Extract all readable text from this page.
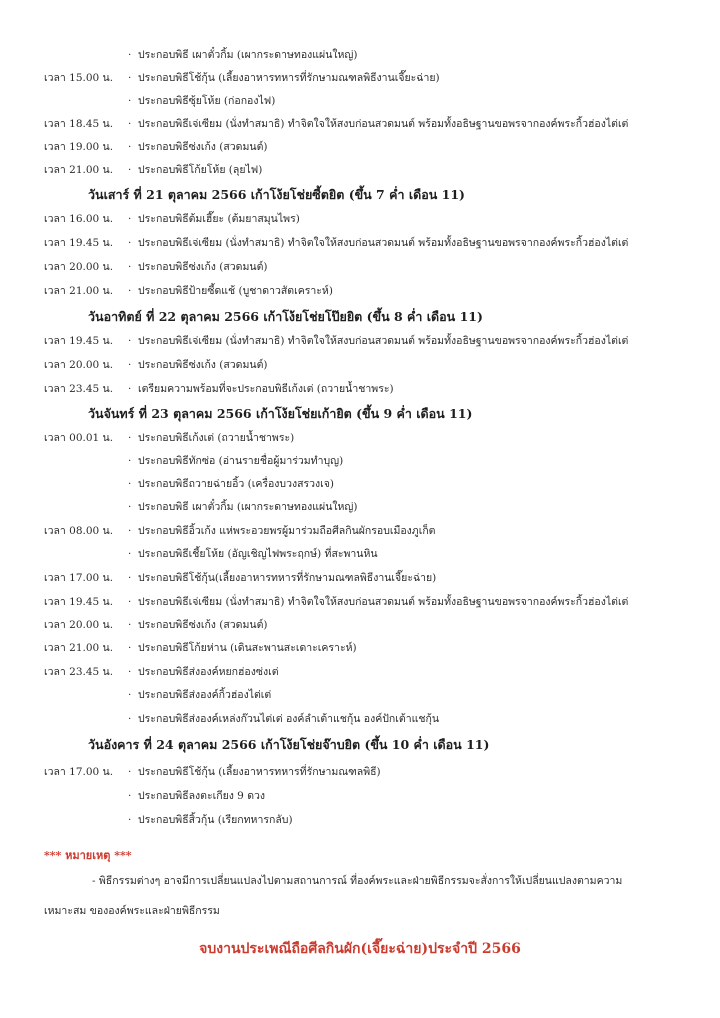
· ประกอบพิธี เผาตั๋วกิ้ม (เผากระดาษทองแผ่นใหญ่)
เวลา 15.00 น. · ประกอบพิธีโช้กุ้น (เลี้ยงอาหารทหารที่รักษามณฑลพิธีงานเจี๊ยะฉ่าย)
· ประกอบพิธีซุ้ยโห้ย (ก่อกองไฟ)
เวลา 18.45 น. · ประกอบพิธีเจ่เซียม (นั่งทำสมาธิ) ทำจิตใจให้สงบก่อนสวดมนต์ พร้อมทั้งอธิษฐานขอพรจากองค์พระกิ้วฮ่องไต่เต่
เวลา 19.00 น. · ประกอบพิธีซ่งเก้ง (สวดมนต์)
เวลา 21.00 น. · ประกอบพิธีโก้ยโห้ย (ลุยไฟ)
วันเสาร์ ที่ 21 ตุลาคม 2566 เก้าโง้ยโช่ยซี้ตยิต (ขึ้น 7 ค่ำ เดือน 11)
เวลา 16.00 น. · ประกอบพิธีต้มเฮี๊ยะ (ต้มยาสมุนไพร)
เวลา 19.45 น. · ประกอบพิธีเจ่เซียม (นั่งทำสมาธิ) ทำจิตใจให้สงบก่อนสวดมนต์ พร้อมทั้งอธิษฐานขอพรจากองค์พระกิ้วฮ่องไต่เต่
เวลา 20.00 น. · ประกอบพิธีซ่งเก้ง (สวดมนต์)
เวลา 21.00 น. · ประกอบพิธีป้ายซี้ดแช้ (บูชาดาวสัตเคราะห์)
วันอาทิตย์ ที่ 22 ตุลาคม 2566 เก้าโง้ยโช่ยโป๊ยยิต (ขึ้น 8 ค่ำ เดือน 11)
เวลา 19.45 น. · ประกอบพิธีเจ่เซียม (นั่งทำสมาธิ) ทำจิตใจให้สงบก่อนสวดมนต์ พร้อมทั้งอธิษฐานขอพรจากองค์พระกิ้วฮ่องไต่เต่
เวลา 20.00 น. · ประกอบพิธีซ่งเก้ง (สวดมนต์)
เวลา 23.45 น. · เตรียมความพร้อมที่จะประกอบพิธีเก้งเต่ (ถวายน้ำชาพระ)
วันจันทร์ ที่ 23 ตุลาคม 2566 เก้าโง้ยโช่ยเก้ายิต (ขึ้น 9 ค่ำ เดือน 11)
เวลา 00.01 น. · ประกอบพิธีเก้งเต่ (ถวายน้ำชาพระ)
· ประกอบพิธีทักซ่อ (อ่านรายชื่อผู้มาร่วมทำบุญ)
· ประกอบพิธีถวายฉ่ายอิ้ว (เครื่องบวงสรวงเจ)
· ประกอบพิธี เผาตั๋วกิ้ม (เผากระดาษทองแผ่นใหญ่)
เวลา 08.00 น. · ประกอบพิธีอิ้วเก้ง แห่พระอวยพรผู้มาร่วมถือศีลกินผักรอบเมืองภูเก็ต
· ประกอบพิธีเชี้ยโห้ย (อัญเชิญไฟพระฤกษ์) ที่สะพานหิน
เวลา 17.00 น. · ประกอบพิธีโช้กุ้น(เลี้ยงอาหารทหารที่รักษามณฑลพิธีงานเจี๊ยะฉ่าย)
เวลา 19.45 น. · ประกอบพิธีเจ่เซียม (นั่งทำสมาธิ) ทำจิตใจให้สงบก่อนสวดมนต์ พร้อมทั้งอธิษฐานขอพรจากองค์พระกิ้วฮ่องไต่เต่
เวลา 20.00 น. · ประกอบพิธีซ่งเก้ง (สวดมนต์)
เวลา 21.00 น. · ประกอบพิธีโก้ยห่าน (เดินสะพานสะเดาะเคราะห์)
เวลา 23.45 น. · ประกอบพิธีส่งองค์หยกฮ่องซ่งเต่
· ประกอบพิธีส่งองค์กิ้วฮ่องไต่เต่
· ประกอบพิธีส่งองค์เหล่งก๊วนไต่เต่ องค์ลำเต้าแชกุ้น องค์ปักเต้าแชกุ้น
วันอังคาร ที่ 24 ตุลาคม 2566 เก้าโง้ยโช่ยจ๊าบยิต (ขึ้น 10 ค่ำ เดือน 11)
เวลา 17.00 น. · ประกอบพิธีโช้กุ้น (เลี้ยงอาหารทหารที่รักษามณฑลพิธี)
· ประกอบพิธีลงตะเกียง 9 ดวง
· ประกอบพิธีสิ้วกุ้น (เรียกทหารกลับ)
*** หมายเหตุ ***
- พิธีกรรมต่างๆ อาจมีการเปลี่ยนแปลงไปตามสถานการณ์ ที่องค์พระและฝ่ายพิธีกรรมจะสั่งการให้เปลี่ยนแปลงตามความ
เหมาะสม ขององค์พระและฝ่ายพิธีกรรม
จบงานประเพณีถือศีลกินผัก(เจี๊ยะฉ่าย)ประจำปี 2566
